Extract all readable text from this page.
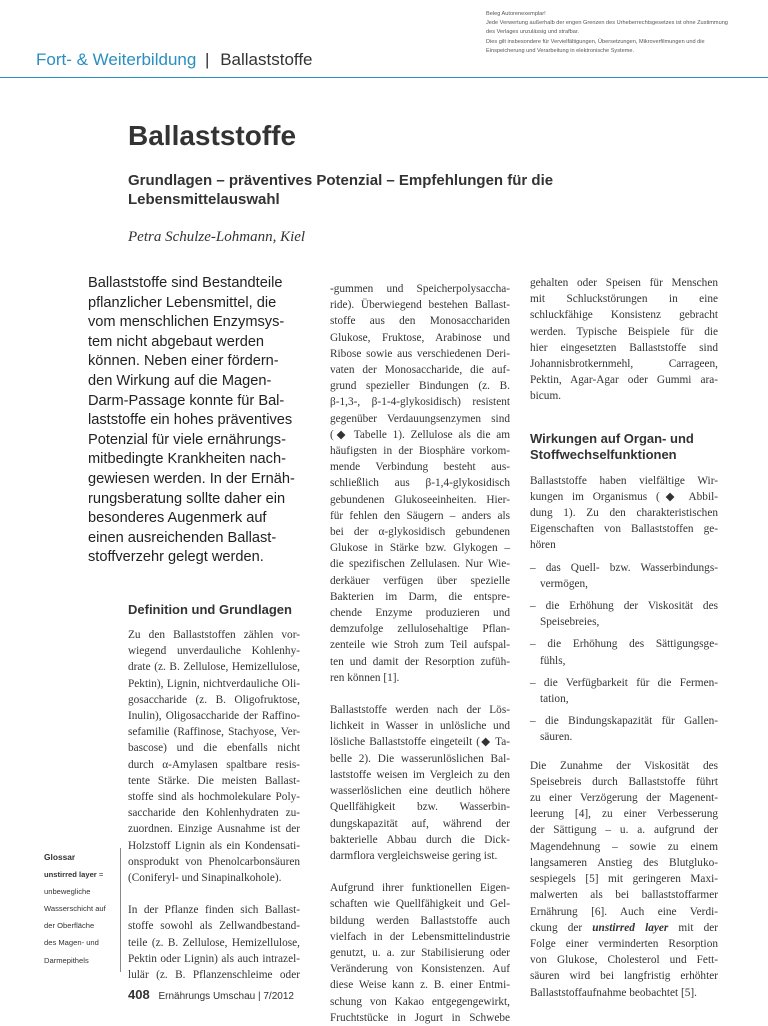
Beleg Autorenexemplar!
Jede Verwertung außerhalb der engen Grenzen des Urheberrechtsgesetzes ist ohne Zustimmung
des Verlages unzulässig und strafbar.
Dies gilt insbesondere für Vervielfältigungen, Übersetzungen, Mikroverfilmungen und die
Einspeicherung und Verarbeitung in elektronische Systeme.
Fort- & Weiterbildung | Ballaststoffe
Ballaststoffe
Grundlagen – präventives Potenzial – Empfehlungen für die
Lebensmittelauswahl
Petra Schulze-Lohmann, Kiel
Ballaststoffe sind Bestandteile
pflanzlicher Lebensmittel, die
vom menschlichen Enzymsys-
tem nicht abgebaut werden
können. Neben einer fördern-
den Wirkung auf die Magen-
Darm-Passage konnte für Bal-
laststoffe ein hohes präventives
Potenzial für viele ernährungs-
mitbedingte Krankheiten nach-
gewiesen werden. In der Ernäh-
rungsberatung sollte daher ein
besonderes Augenmerk auf
einen ausreichenden Ballast-
stoffverzehr gelegt werden.
Definition und Grundlagen
Zu den Ballaststoffen zählen vor-
wiegend unverdauliche Kohlenhy-
drate (z. B. Zellulose, Hemizellulose,
Pektin), Lignin, nichtverdauliche Oli-
gosaccharide (z. B. Oligofruktose,
Inulin), Oligosaccharide der Raffino-
sefamilie (Raffinose, Stachyose, Ver-
bascose) und die ebenfalls nicht
durch α-Amylasen spaltbare resis-
tente Stärke. Die meisten Ballast-
stoffe sind als hochmolekulare Poly-
saccharide den Kohlenhydraten zu-
zuordnen. Einzige Ausnahme ist der
Holzstoff Lignin als ein Kondensati-
onsprodukt von Phenolcarbonsäuren
(Coniferyl- und Sinapinalkohole).
In der Pflanze finden sich Ballast-
stoffe sowohl als Zellwandbestand-
teile (z. B. Zellulose, Hemizellulose,
Pektin oder Lignin) als auch intrazel-
lulär (z. B. Pflanzenschleime oder
-gummen und Speicherpolysaccha-
ride). Überwiegend bestehen Ballast-
stoffe aus den Monosacchariden
Glukose, Fruktose, Arabinose und
Ribose sowie aus verschiedenen Deri-
vaten der Monosaccharide, die auf-
grund spezieller Bindungen (z. B.
β-1,3-, β-1-4-glykosidisch) resistent
gegenüber Verdauungsenzymen sind
(◆ Tabelle 1). Zellulose als die am
häufigsten in der Biosphäre vorkom-
mende Verbindung besteht aus-
schließlich aus β-1,4-glykosidisch
gebundenen Glukoseeinheiten. Hier-
für fehlen den Säugern – anders als
bei der α-glykosidisch gebundenen
Glukose in Stärke bzw. Glykogen –
die spezifischen Zellulasen. Nur Wie-
derkäuer verfügen über spezielle
Bakterien im Darm, die entspre-
chende Enzyme produzieren und
demzufolge zellulosehaltige Pflan-
zenteile wie Stroh zum Teil aufspal-
ten und damit der Resorption zufüh-
ren können [1].
Ballaststoffe werden nach der Lös-
lichkeit in Wasser in unlösliche und
lösliche Ballaststoffe eingeteilt (◆ Ta-
belle 2). Die wasserunlöslichen Bal-
laststoffe weisen im Vergleich zu den
wasserlöslichen eine deutlich höhere
Quellfähigkeit bzw. Wasserbin-
dungskapazität auf, während der
bakterielle Abbau durch die Dick-
darmflora vergleichsweise gering ist.
Aufgrund ihrer funktionellen Eigen-
schaften wie Quellfähigkeit und Gel-
bildung werden Ballaststoffe auch
vielfach in der Lebensmittelindustrie
genutzt, u. a. zur Stabilisierung oder
Veränderung von Konsistenzen. Auf
diese Weise kann z. B. einer Entmi-
schung von Kakao entgegengewirkt,
Fruchtstücke in Jogurt in Schwebe
gehalten oder Speisen für Menschen
mit Schluckstörungen in eine
schluckfähige Konsistenz gebracht
werden. Typische Beispiele für die
hier eingesetzten Ballaststoffe sind
Johannisbrotkernmehl, Carrageen,
Pektin, Agar-Agar oder Gummi ara-
bicum.
Wirkungen auf Organ- und
Stoffwechselfunktionen
Ballaststoffe haben vielfältige Wir-
kungen im Organismus (◆ Abbil-
dung 1). Zu den charakteristischen
Eigenschaften von Ballaststoffen ge-
hören
– das Quell- bzw. Wasserbindungs-
vermögen,
– die Erhöhung der Viskosität des
Speisebreies,
– die Erhöhung des Sättigungsge-
fühls,
– die Verfügbarkeit für die Fermen-
tation,
– die Bindungskapazität für Gallen-
säuren.
Die Zunahme der Viskosität des
Speisebreis durch Ballaststoffe führt
zu einer Verzögerung der Magenent-
leerung [4], zu einer Verbesserung
der Sättigung – u. a. aufgrund der
Magendehnung – sowie zu einem
langsameren Anstieg des Blutgluko-
sespiegels [5] mit geringeren Maxi-
malwerten als bei ballaststoffarmer
Ernährung [6]. Auch eine Verdi-
ckung der unstirred layer mit der
Folge einer verminderten Resorption
von Glukose, Cholesterol und Fett-
säuren wird bei langfristig erhöhter
Ballaststoffaufnahme beobachtet [5].
Glossar
unstirred layer =
unbewegliche
Wasserschicht auf
der Oberfläche
des Magen- und
Darmepithels
408 Ernährungs Umschau | 7/2012
